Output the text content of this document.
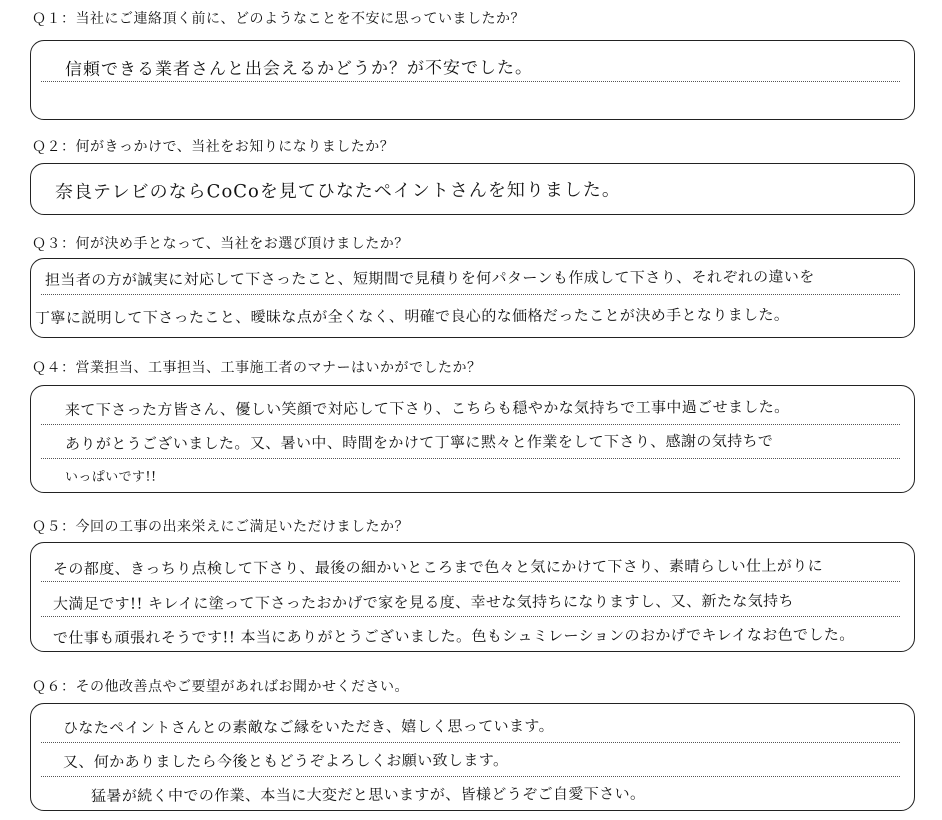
Ｑ１：当社にご連絡頂く前に、どのようなことを不安に思っていましたか？
信頼できる業者さんと出会えるかどうか？が不安でした。
Ｑ２：何がきっかけで、当社をお知りになりましたか？
奈良テレビのならCoCoを見てひなたペイントさんを知りました。
Ｑ３：何が決め手となって、当社をお選び頂けましたか？
担当者の方が誠実に対応して下さったこと、短期間で見積りを何パターンも作成して下さり、それぞれの違いを
丁寧に説明して下さったこと、曖昧な点が全くなく、明確で良心的な価格だったことが決め手となりました。
Ｑ４：営業担当、工事担当、工事施工者のマナーはいかがでしたか？
来て下さった方皆さん、優しい笑顔で対応して下さり、こちらも穏やかな気持ちで工事中過ごせました。
ありがとうございました。又、暑い中、時間をかけて丁寧に黙々と作業をして下さり、感謝の気持ちで
いっぱいです!!
Ｑ５：今回の工事の出来栄えにご満足いただけましたか？
その都度、きっちり点検して下さり、最後の細かいところまで色々と気にかけて下さり、素晴らしい仕上がりに
大満足です!! キレイに塗って下さったおかげで家を見る度、幸せな気持ちになりますし、又、新たな気持ち
で仕事も頑張れそうです!! 本当にありがとうございました。色もシュミレーションのおかげでキレイなお色でした。
Ｑ６：その他改善点やご要望があればお聞かせください。
ひなたペイントさんとの素敵なご縁をいただき、嬉しく思っています。
又、何かありましたら今後ともどうぞよろしくお願い致します。
猛暑が続く中での作業、本当に大変だと思いますが、皆様どうぞご自愛下さい。
